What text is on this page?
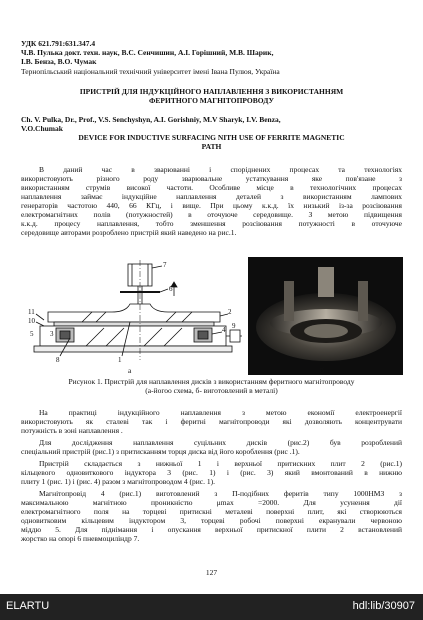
УДК 621.791:631.347.4

Ч.В. Пулька докт. техн. наук, В.С. Сенчишин, А.І. Горішний, М.В. Шарик,

І.В. Бенза, В.О. Чумак

Тернопільський національний технічний університет імені Івана Пулюя, Україна

ПРИСТРІЙ ДЛЯ ІНДУКЦІЙНОГО НАПЛАВЛЕННЯ З ВИКОРИСТАННЯМ

ФЕРИТНОГО МАГНІТОПРОВОДУ

Ch. V. Pulka, Dr., Prof., V.S. Senchyshyn, A.I. Gorishniy, M.V Sharyk, I.V. Benza,

V.O.Chumak

DEVICE FOR INDUCTIVE SURFACING NITH USE OF FERRITE MAGNETIC

PATH

В даний час в зварюванні і споріднених процесах та технологіях

використовують різного роду зварювальне устаткування яке пов'язане з

використанням струмів високої частоти. Особливе місце в технологічних процесах

наплавлення займає індукційне наплавлення деталей з використанням лампових

генераторів частотою 440, 66 КГц, і вище. При цьому к.к.д. їх низький із-за розсіювання

електромагнітних полів (потужностей) в оточуюче середовище. З метою підвищення

к.к.д. процесу наплавлення, тобто зменшення розсіювання потужності в оточуюче

середовище авторами розроблено пристрій який наведено на рис.1.

7
6
2
4 9
11
10
8	1
5 3

а	б

Рисунок 1. Пристрій для наплавлення дисків з використанням феритного магнітопроводу

(а-йогоо схема, б- виготовлений в металі)

На практиці індукційного наплавлення з метою економії електроенергії

використовують як сталеві так і феритні магнітопроводи які дозволяють концентрувати

потужність в зоні наплавлення .

Для дослідження наплавлення суцільних дисків (рис.2) був розроблений

спеціальний пристрій (рис.1) з притисканням торця диска від його короблення (рис .1).

Пристрій складається з нижньої 1 і верхньої притискних плит 2 (рис.1)

кільцевого одновиткового індуктора 3 (рис. 1) і (рис. 3) який вмонтований в нижню

плиту 1 (рис. 1) і (рис. 4) разом з магнітопроводом 4 (рис. 1).

Магнітопровід 4 (рис.1) виготовлений з П-подібних феритів типу 1000НМЗ з

максимальною магнітною проникністю μmax =2000. Для усунення дії

електромагнітного поля на торцеві притискні металеві поверхні плит, які створюються

одновитковим кільцевим індуктором 3, торцеві робочі поверхні екранували червоною

міддю 5. Для піднімання і опускання верхньої притискної плити 2 встановлений

жорстко на опорі 6 пневмоциліндр 7.

127

ELARTU	hdl:lib/30907
